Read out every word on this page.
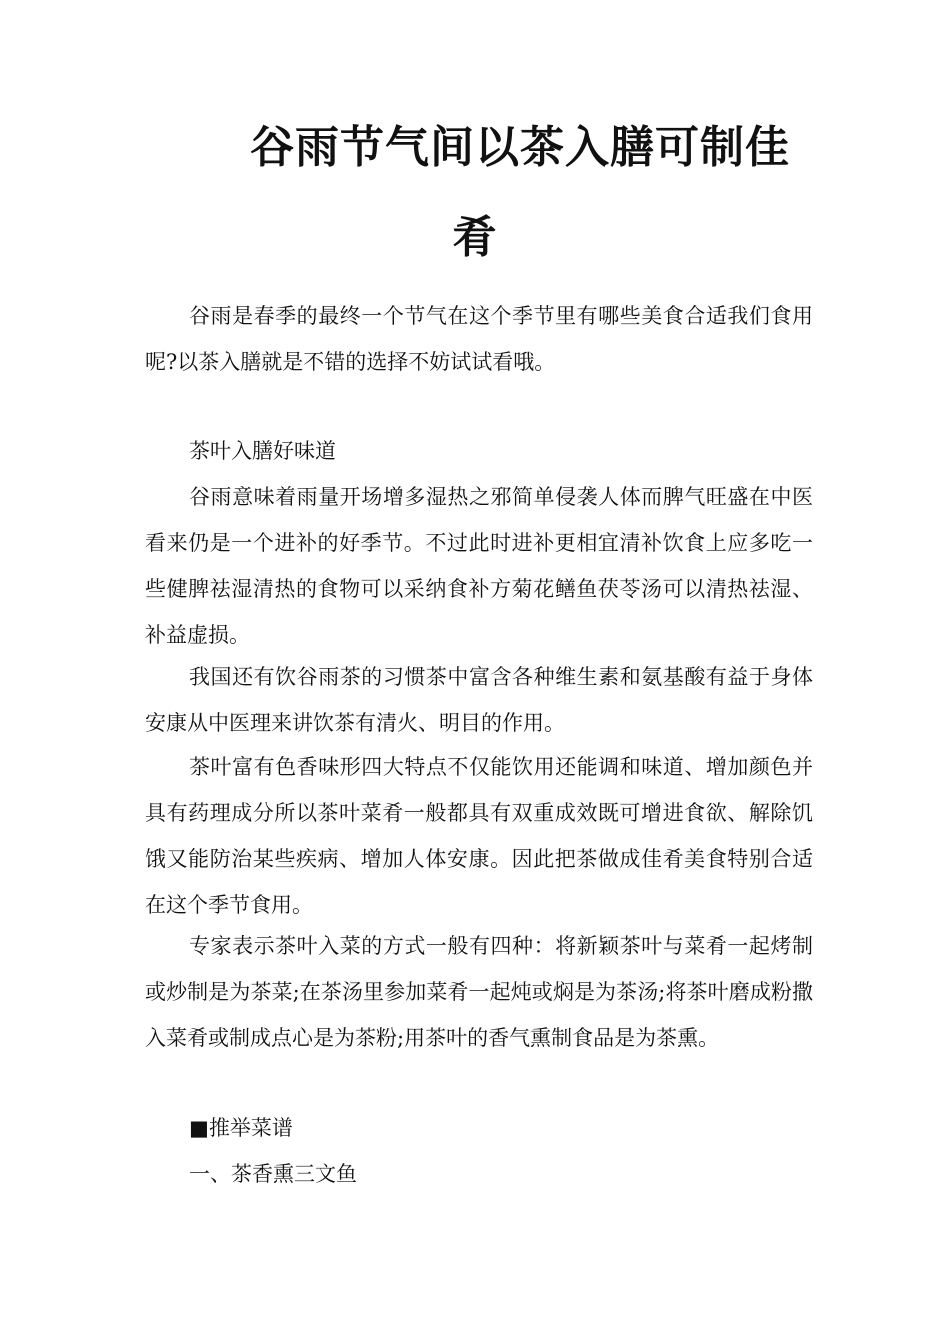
谷雨节气间以茶入膳可制佳
肴

谷雨是春季的最终一个节气在这个季节里有哪些美食合适我们食用呢?以茶入膳就是不错的选择不妨试试看哦。

茶叶入膳好味道

谷雨意味着雨量开场增多湿热之邪简单侵袭人体而脾气旺盛在中医看来仍是一个进补的好季节。不过此时进补更相宜清补饮食上应多吃一些健脾祛湿清热的食物可以采纳食补方菊花鳝鱼茯苓汤可以清热祛湿、补益虚损。

我国还有饮谷雨茶的习惯茶中富含各种维生素和氨基酸有益于身体安康从中医理来讲饮茶有清火、明目的作用。

茶叶富有色香味形四大特点不仅能饮用还能调和味道、增加颜色并具有药理成分所以茶叶菜肴一般都具有双重成效既可增进食欲、解除饥饿又能防治某些疾病、增加人体安康。因此把茶做成佳肴美食特别合适在这个季节食用。

专家表示茶叶入菜的方式一般有四种：将新颖茶叶与菜肴一起烤制或炒制是为茶菜;在茶汤里参加菜肴一起炖或焖是为茶汤;将茶叶磨成粉撒入菜肴或制成点心是为茶粉;用茶叶的香气熏制食品是为茶熏。

■推举菜谱

一、茶香熏三文鱼
